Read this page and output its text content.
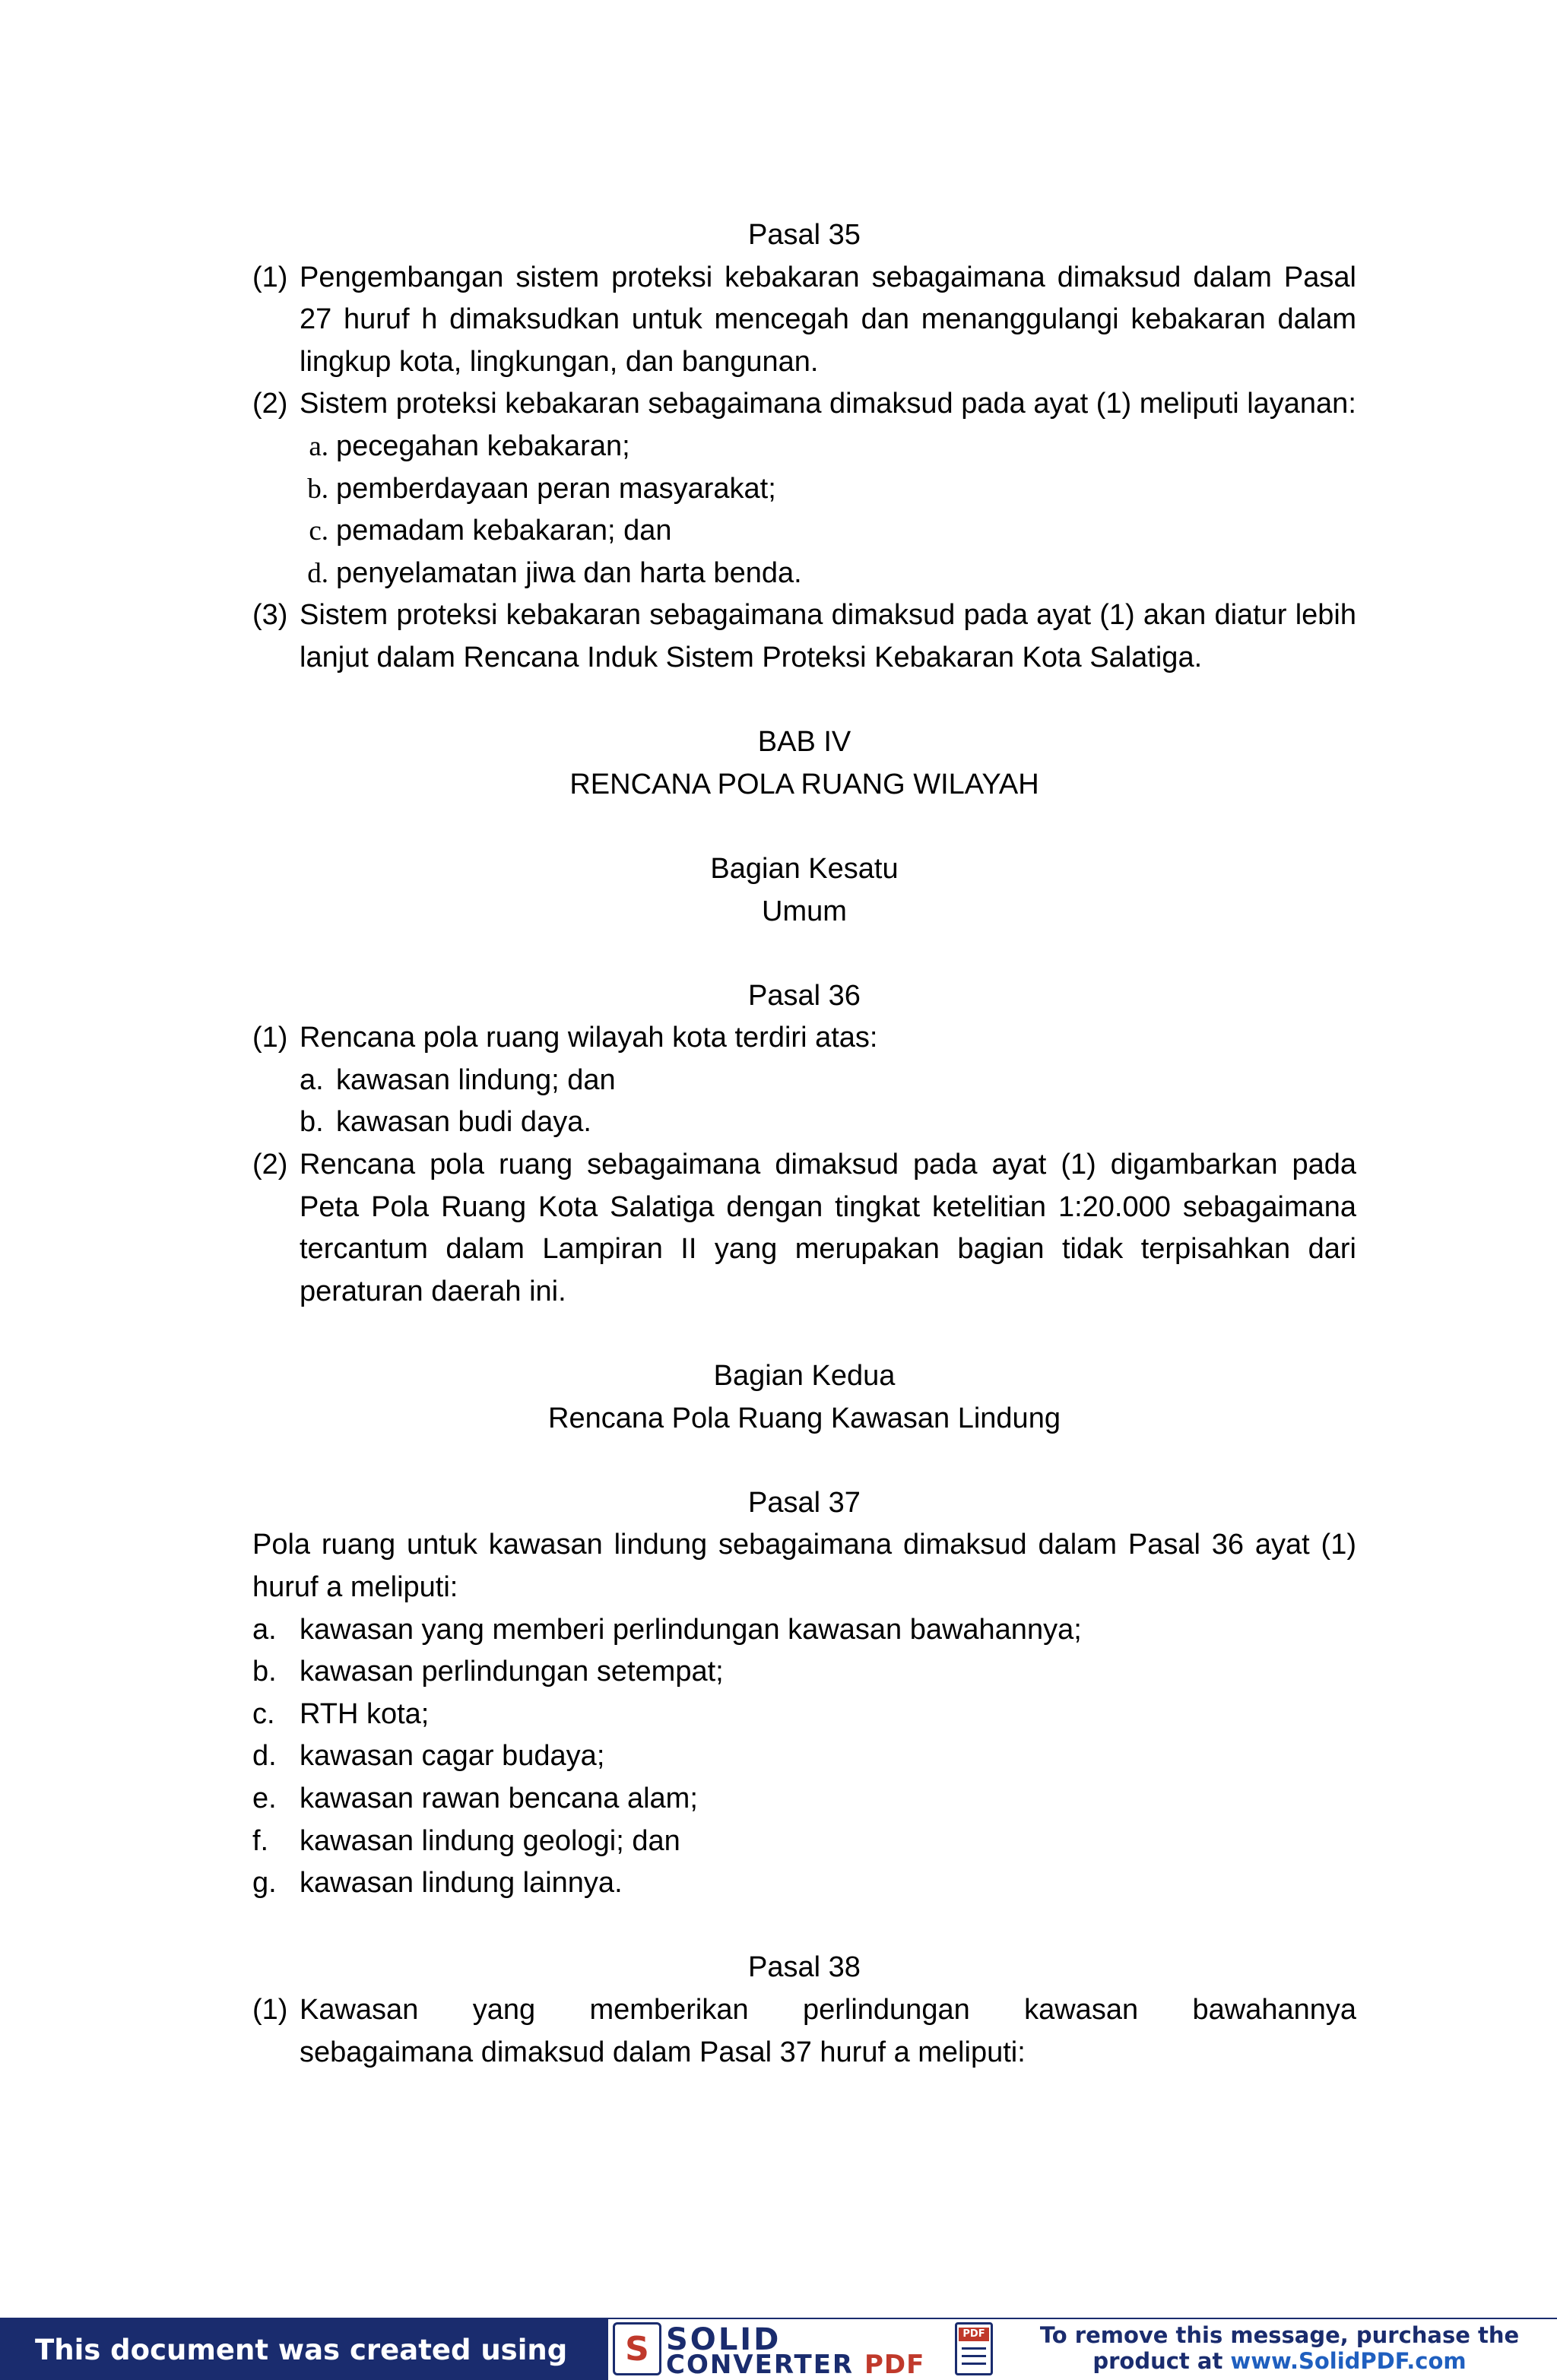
Pasal 35
(1) Pengembangan sistem proteksi kebakaran sebagaimana dimaksud dalam Pasal 27 huruf h dimaksudkan untuk mencegah dan menanggulangi kebakaran dalam lingkup kota, lingkungan, dan bangunan.
(2) Sistem proteksi kebakaran sebagaimana dimaksud pada ayat (1) meliputi layanan:
a. pecegahan kebakaran;
b. pemberdayaan peran masyarakat;
c. pemadam kebakaran; dan
d. penyelamatan jiwa dan harta benda.
(3) Sistem proteksi kebakaran sebagaimana dimaksud pada ayat (1) akan diatur lebih lanjut dalam Rencana Induk Sistem Proteksi Kebakaran Kota Salatiga.
BAB IV
RENCANA POLA RUANG WILAYAH
Bagian Kesatu
Umum
Pasal 36
(1) Rencana pola ruang wilayah kota terdiri atas:
a. kawasan lindung; dan
b. kawasan budi daya.
(2) Rencana pola ruang sebagaimana dimaksud pada ayat (1) digambarkan pada Peta Pola Ruang Kota Salatiga dengan tingkat ketelitian 1:20.000 sebagaimana tercantum dalam Lampiran II yang merupakan bagian tidak terpisahkan dari peraturan daerah ini.
Bagian Kedua
Rencana Pola Ruang Kawasan Lindung
Pasal 37
Pola ruang untuk kawasan lindung sebagaimana dimaksud dalam Pasal 36 ayat (1) huruf a meliputi:
a. kawasan yang memberi perlindungan kawasan bawahannya;
b. kawasan perlindungan setempat;
c. RTH kota;
d. kawasan cagar budaya;
e. kawasan rawan bencana alam;
f.	kawasan lindung geologi; dan
g. kawasan lindung lainnya.
Pasal 38
(1) Kawasan yang memberikan perlindungan kawasan bawahannya
sebagaimana dimaksud dalam Pasal 37 huruf a meliputi:
This document was created using	S SOLID
CONVERTER PDF
PDF	To remove this message, purchase the
product at www.SolidPDF.com
